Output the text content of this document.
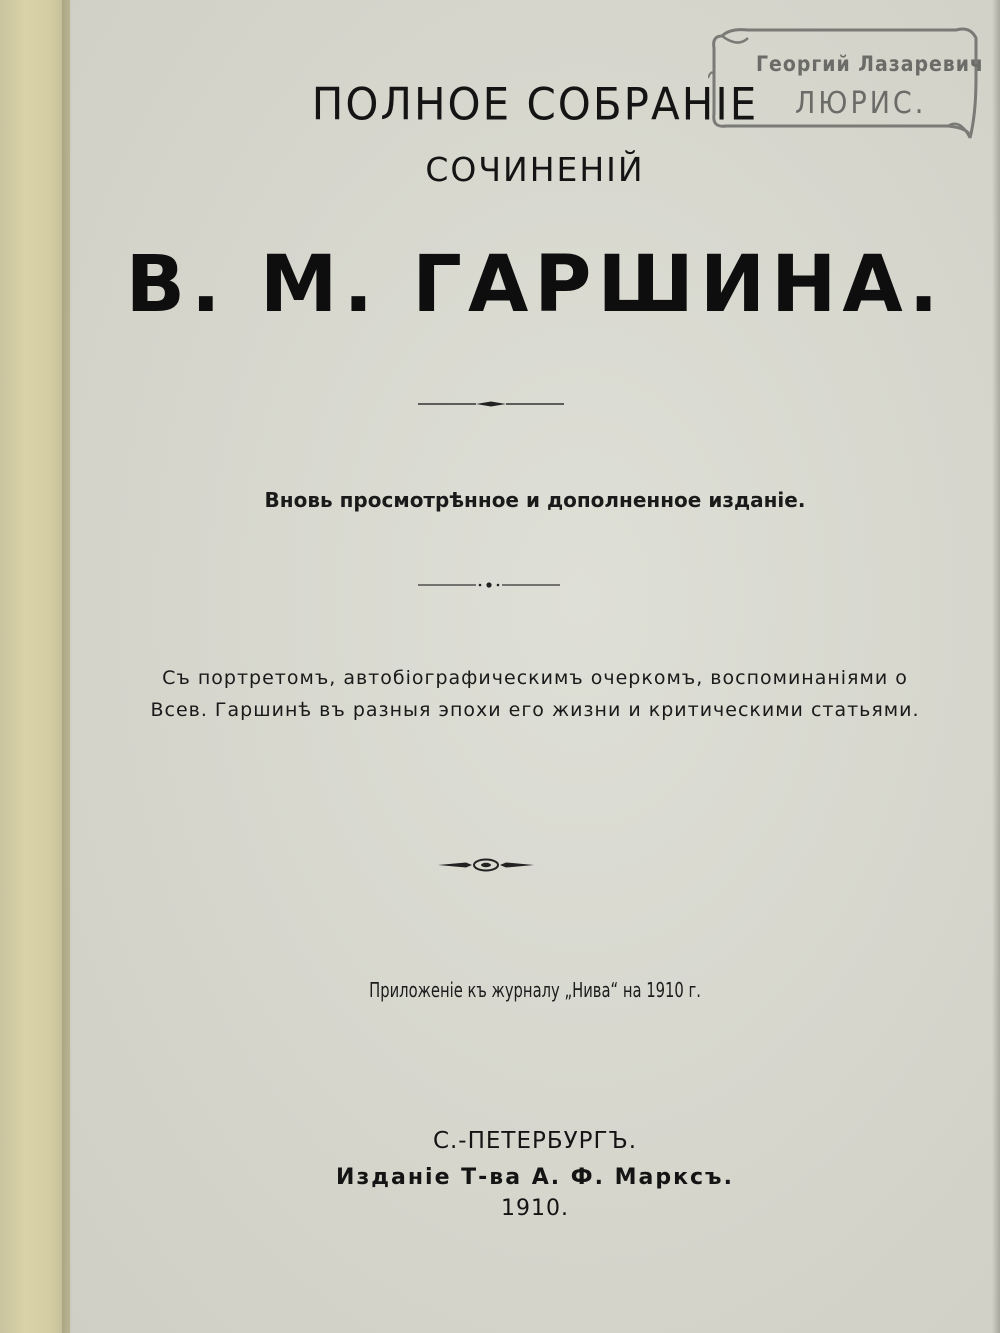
Георгий Лазаревич
ЛЮРИС.
ПОЛНОЕ СОБРАНIЕ
СОЧИНЕНIЙ
В. М. ГАРШИНА.
Вновь просмотрѣнное и дополненное изданiе.
Съ портретомъ, автобiографическимъ очеркомъ, воспоминанiями о
Всев. Гаршинѣ въ разныя эпохи его жизни и критическими статьями.
Приложенiе къ журналу „Нива“ на 1910 г.
С.-ПЕТЕРБУРГЪ.
Изданiе Т-ва А. Ф. Марксъ.
1910.
